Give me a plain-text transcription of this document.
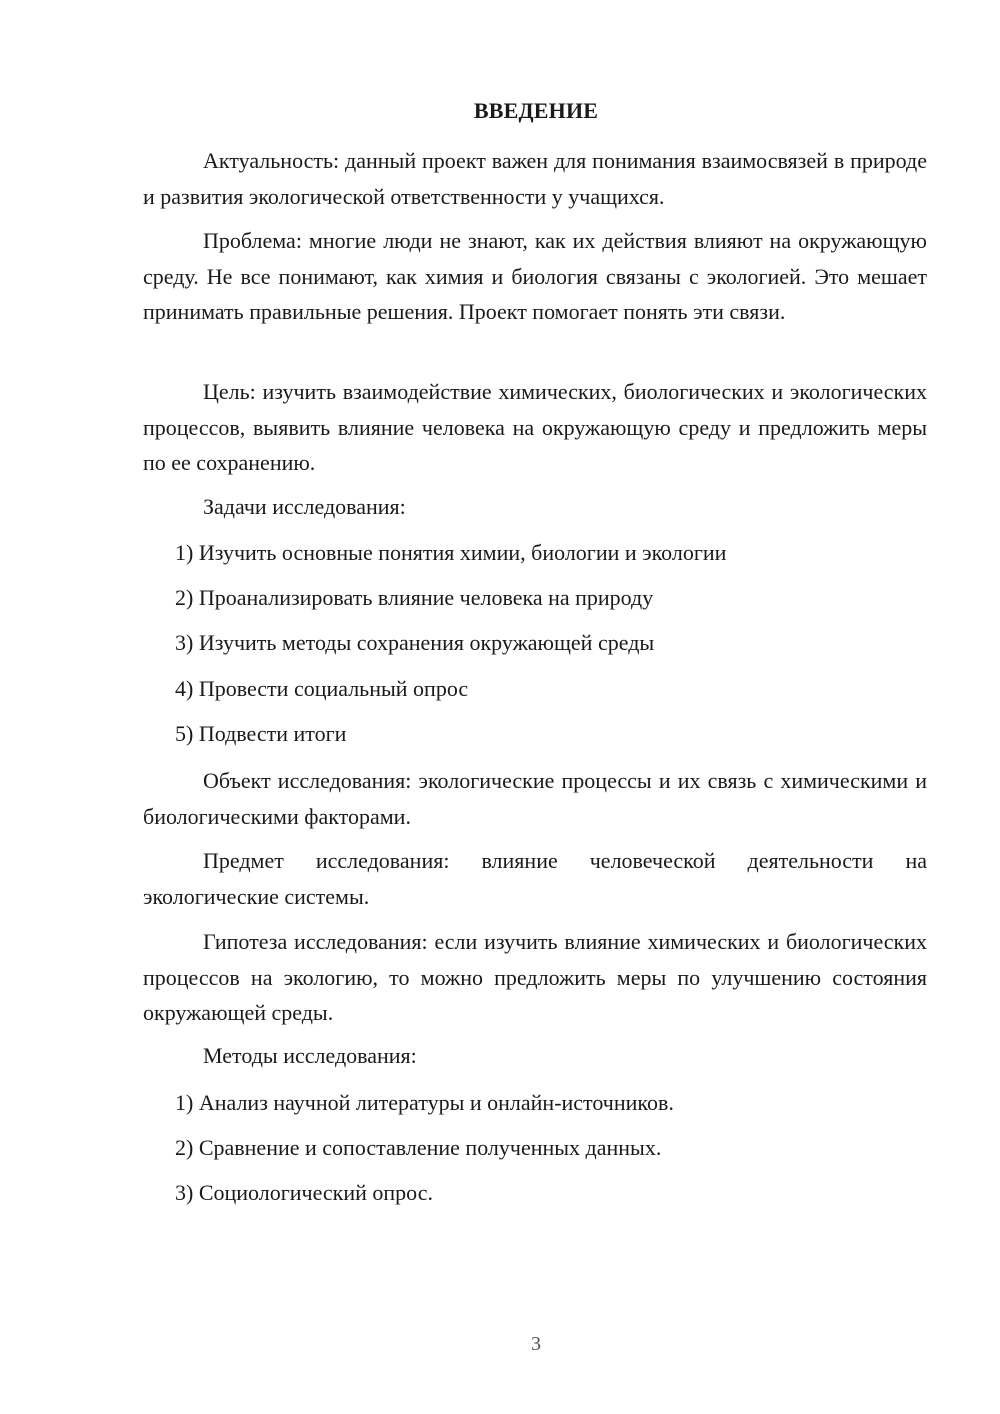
ВВЕДЕНИЕ

Актуальность: данный проект важен для понимания взаимосвязей в природе и развития экологической ответственности у учащихся.

Проблема: многие люди не знают, как их действия влияют на окружающую среду. Не все понимают, как химия и биология связаны с экологией. Это мешает принимать правильные решения. Проект помогает понять эти связи.

Цель: изучить взаимодействие химических, биологических и экологических процессов, выявить влияние человека на окружающую среду и предложить меры по ее сохранению.

Задачи исследования:

1) Изучить основные понятия химии, биологии и экологии

2) Проанализировать влияние человека на природу

3) Изучить методы сохранения окружающей среды

4) Провести социальный опрос

5) Подвести итоги

Объект исследования: экологические процессы и их связь с химическими и биологическими факторами.

Предмет исследования: влияние человеческой деятельности на экологические системы.

Гипотеза исследования: если изучить влияние химических и биологических процессов на экологию, то можно предложить меры по улучшению состояния окружающей среды.

Методы исследования:

1) Анализ научной литературы и онлайн-источников.

2) Сравнение и сопоставление полученных данных.

3) Социологический опрос.

3
